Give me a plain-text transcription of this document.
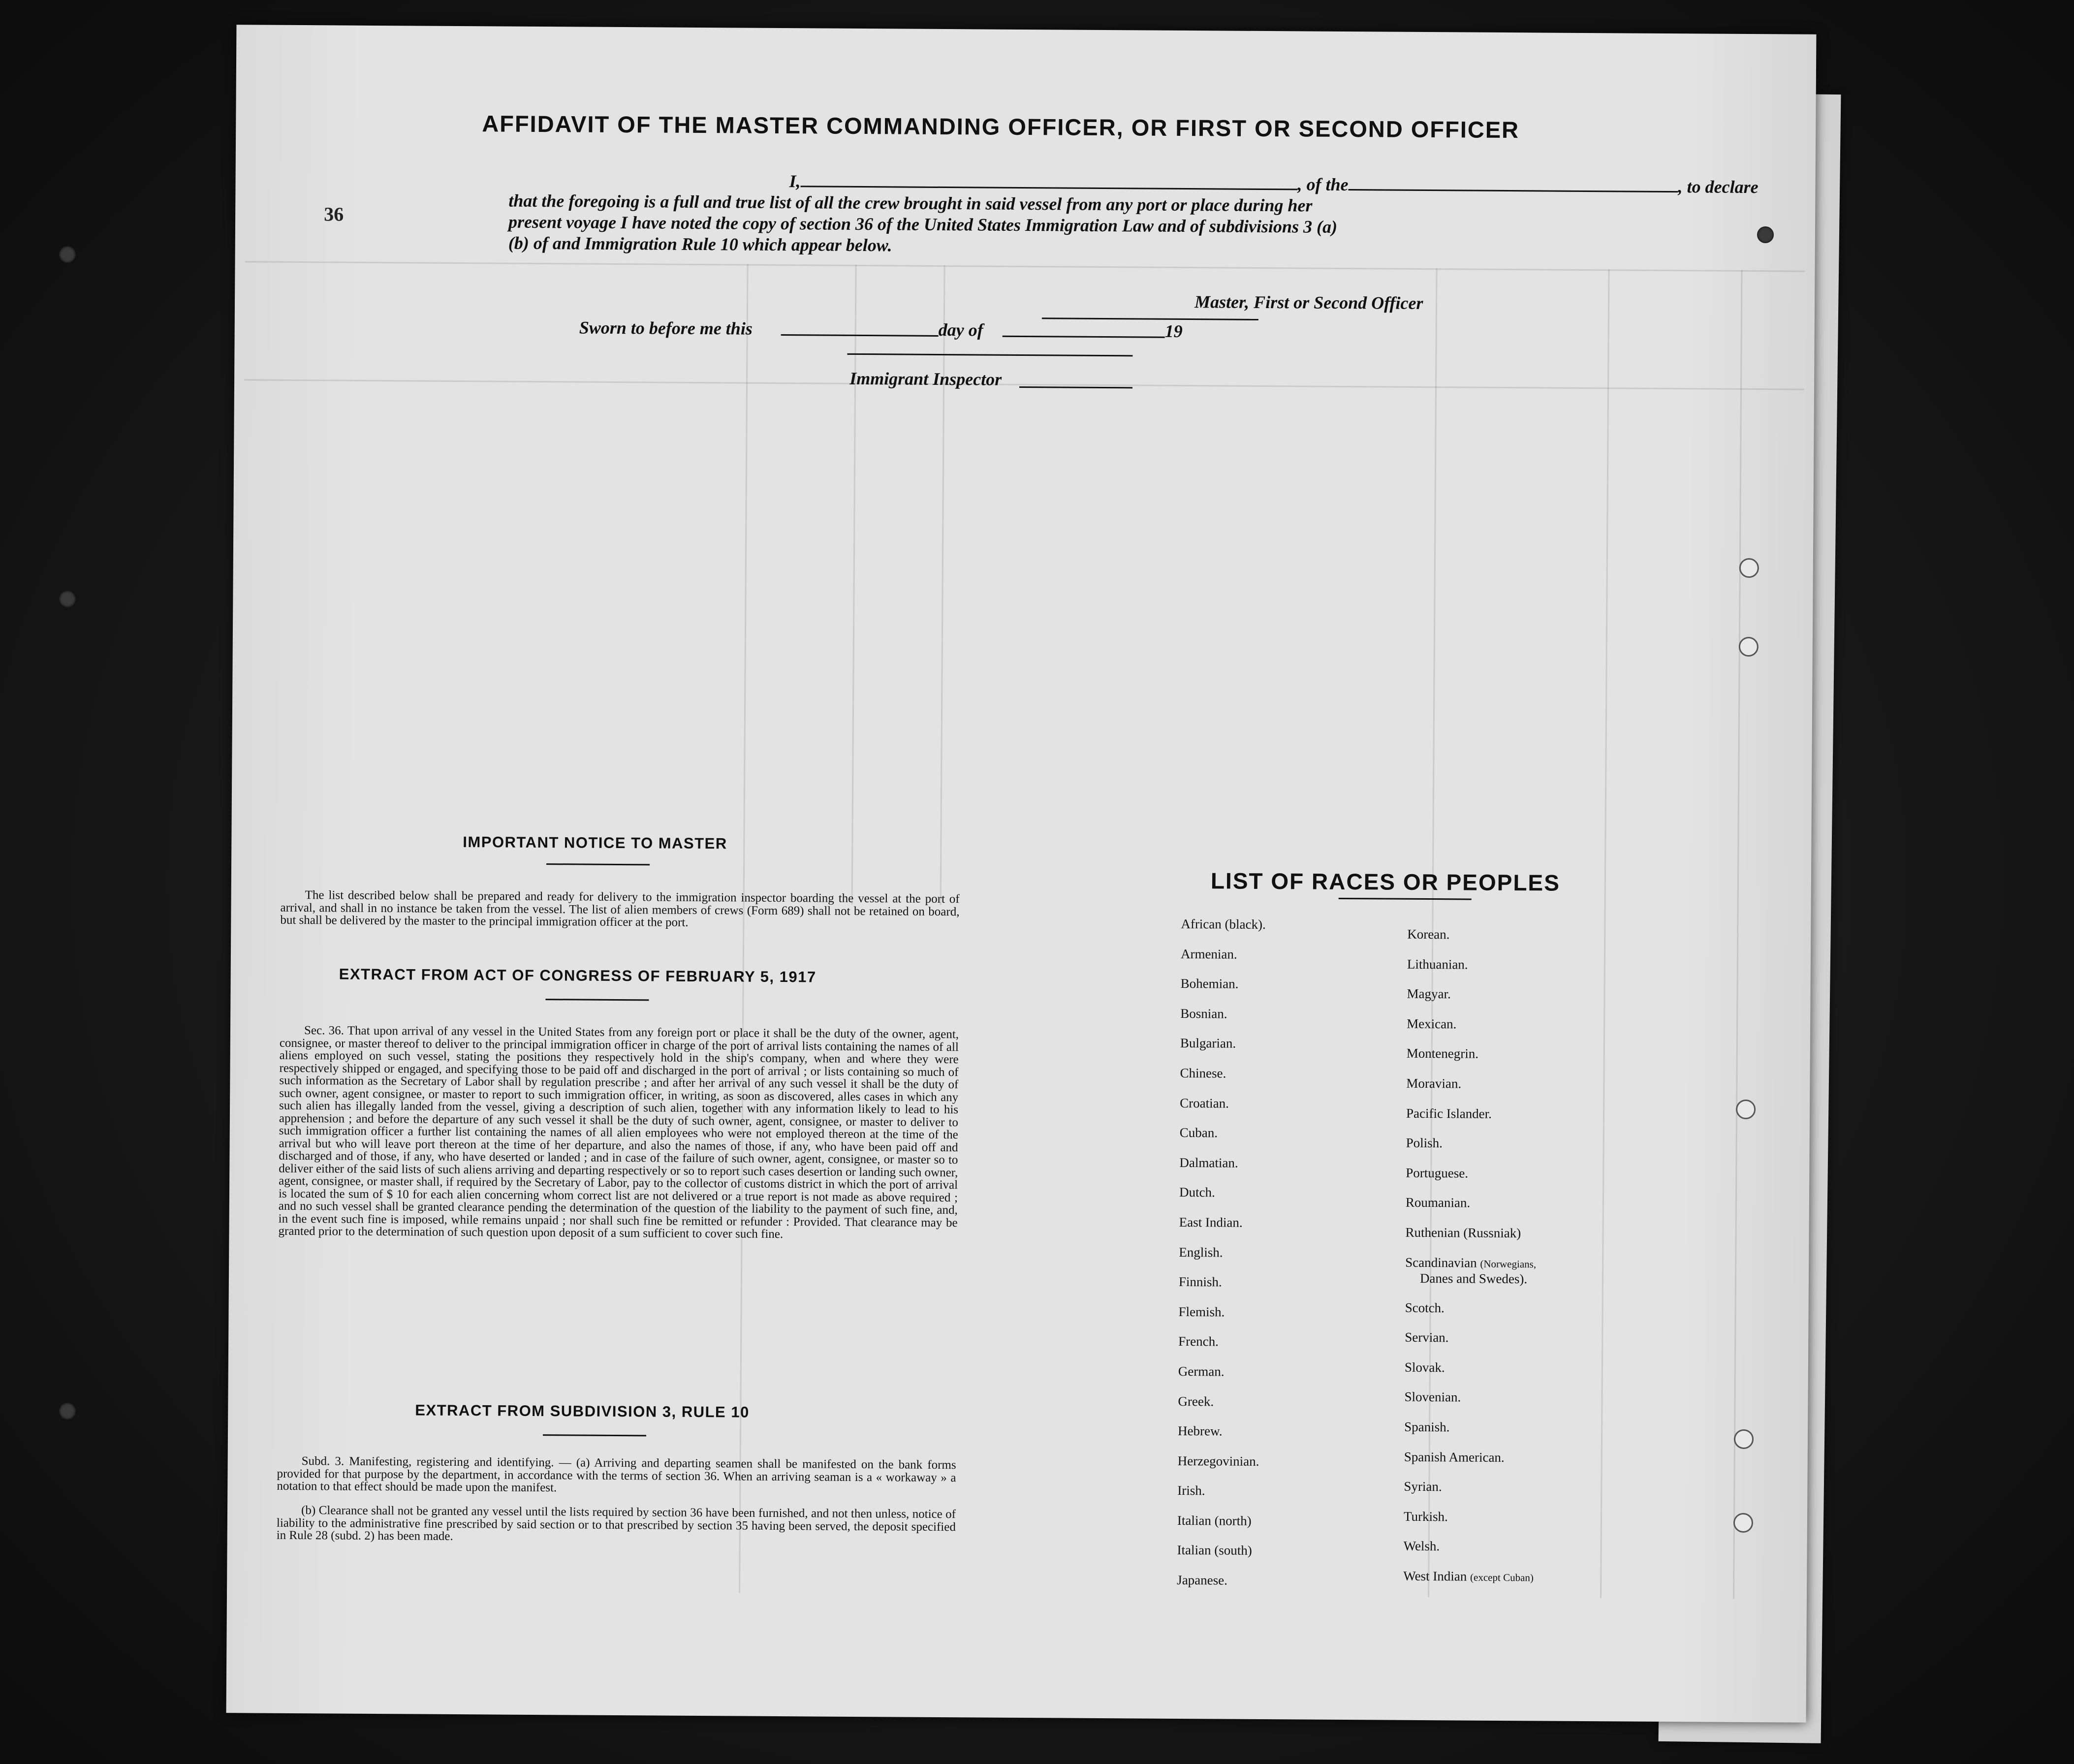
36
AFFIDAVIT OF THE MASTER COMMANDING OFFICER, OR FIRST OR SECOND OFFICER
I,	, of the	, to declare
that the foregoing is a full and true list of all the crew brought in said vessel from any port or place during her
present voyage I have noted the copy of section 36 of the United States Immigration Law and of subdivisions 3 (a)
(b) of and Immigration Rule 10 which appear below.
Master, First or Second Officer
Sworn to before me this	day of	19
Immigrant Inspector
IMPORTANT NOTICE TO MASTER
The list described below shall be prepared and ready for delivery to the immigration inspector boarding the vessel at the port of arrival, and shall in no instance be taken from the vessel. The list of alien members of crews (Form 689) shall not be retained on board, but shall be delivered by the master to the principal immigration officer at the port.
EXTRACT FROM ACT OF CONGRESS OF FEBRUARY 5, 1917
Sec. 36. That upon arrival of any vessel in the United States from any foreign port or place it shall be the duty of the owner, agent, consignee, or master thereof to deliver to the principal immigration officer in charge of the port of arrival lists containing the names of all aliens employed on such vessel, stating the positions they respectively hold in the ship's company, when and where they were respectively shipped or engaged, and specifying those to be paid off and discharged in the port of arrival ; or lists containing so much of such information as the Secretary of Labor shall by regulation prescribe ; and after her arrival of any such vessel it shall be the duty of such owner, agent consignee, or master to report to such immigration officer, in writing, as soon as discovered, alles cases in which any such alien has illegally landed from the vessel, giving a description of such alien, together with any information likely to lead to his apprehension ; and before the departure of any such vessel it shall be the duty of such owner, agent, consignee, or master to deliver to such immigration officer a further list containing the names of all alien employees who were not employed thereon at the time of the arrival but who will leave port thereon at the time of her departure, and also the names of those, if any, who have been paid off and discharged and of those, if any, who have deserted or landed ; and in case of the failure of such owner, agent, consignee, or master so to deliver either of the said lists of such aliens arriving and departing respectively or so to report such cases desertion or landing such owner, agent, consignee, or master shall, if required by the Secretary of Labor, pay to the collector of customs district in which the port of arrival is located the sum of $ 10 for each alien concerning whom correct list are not delivered or a true report is not made as above required ; and no such vessel shall be granted clearance pending the determination of the question of the liability to the payment of such fine, and, in the event such fine is imposed, while remains unpaid ; nor shall such fine be remitted or refunder : Provided. That clearance may be granted prior to the determination of such question upon deposit of a sum sufficient to cover such fine.
EXTRACT FROM SUBDIVISION 3, RULE 10
Subd. 3. Manifesting, registering and identifying. — (a) Arriving and departing seamen shall be manifested on the bank forms provided for that purpose by the department, in accordance with the terms of section 36. When an arriving seaman is a « workaway » a notation to that effect should be made upon the manifest.
(b) Clearance shall not be granted any vessel until the lists required by section 36 have been furnished, and not then unless, notice of liability to the administrative fine prescribed by said section or to that prescribed by section 35 having been served, the deposit specified in Rule 28 (subd. 2) has been made.
LIST OF RACES OR PEOPLES
African (black).
Armenian.
Bohemian.
Bosnian.
Bulgarian.
Chinese.
Croatian.
Cuban.
Dalmatian.
Dutch.
East Indian.
English.
Finnish.
Flemish.
French.
German.
Greek.
Hebrew.
Herzegovinian.
Irish.
Italian (north)
Italian (south)
Japanese.
Korean.
Lithuanian.
Magyar.
Mexican.
Montenegrin.
Moravian.
Pacific Islander.
Polish.
Portuguese.
Roumanian.
Ruthenian (Russniak)
Scandinavian (Norwegians,
Danes and Swedes).
Scotch.
Servian.
Slovak.
Slovenian.
Spanish.
Spanish American.
Syrian.
Turkish.
Welsh.
West Indian (except Cuban)
